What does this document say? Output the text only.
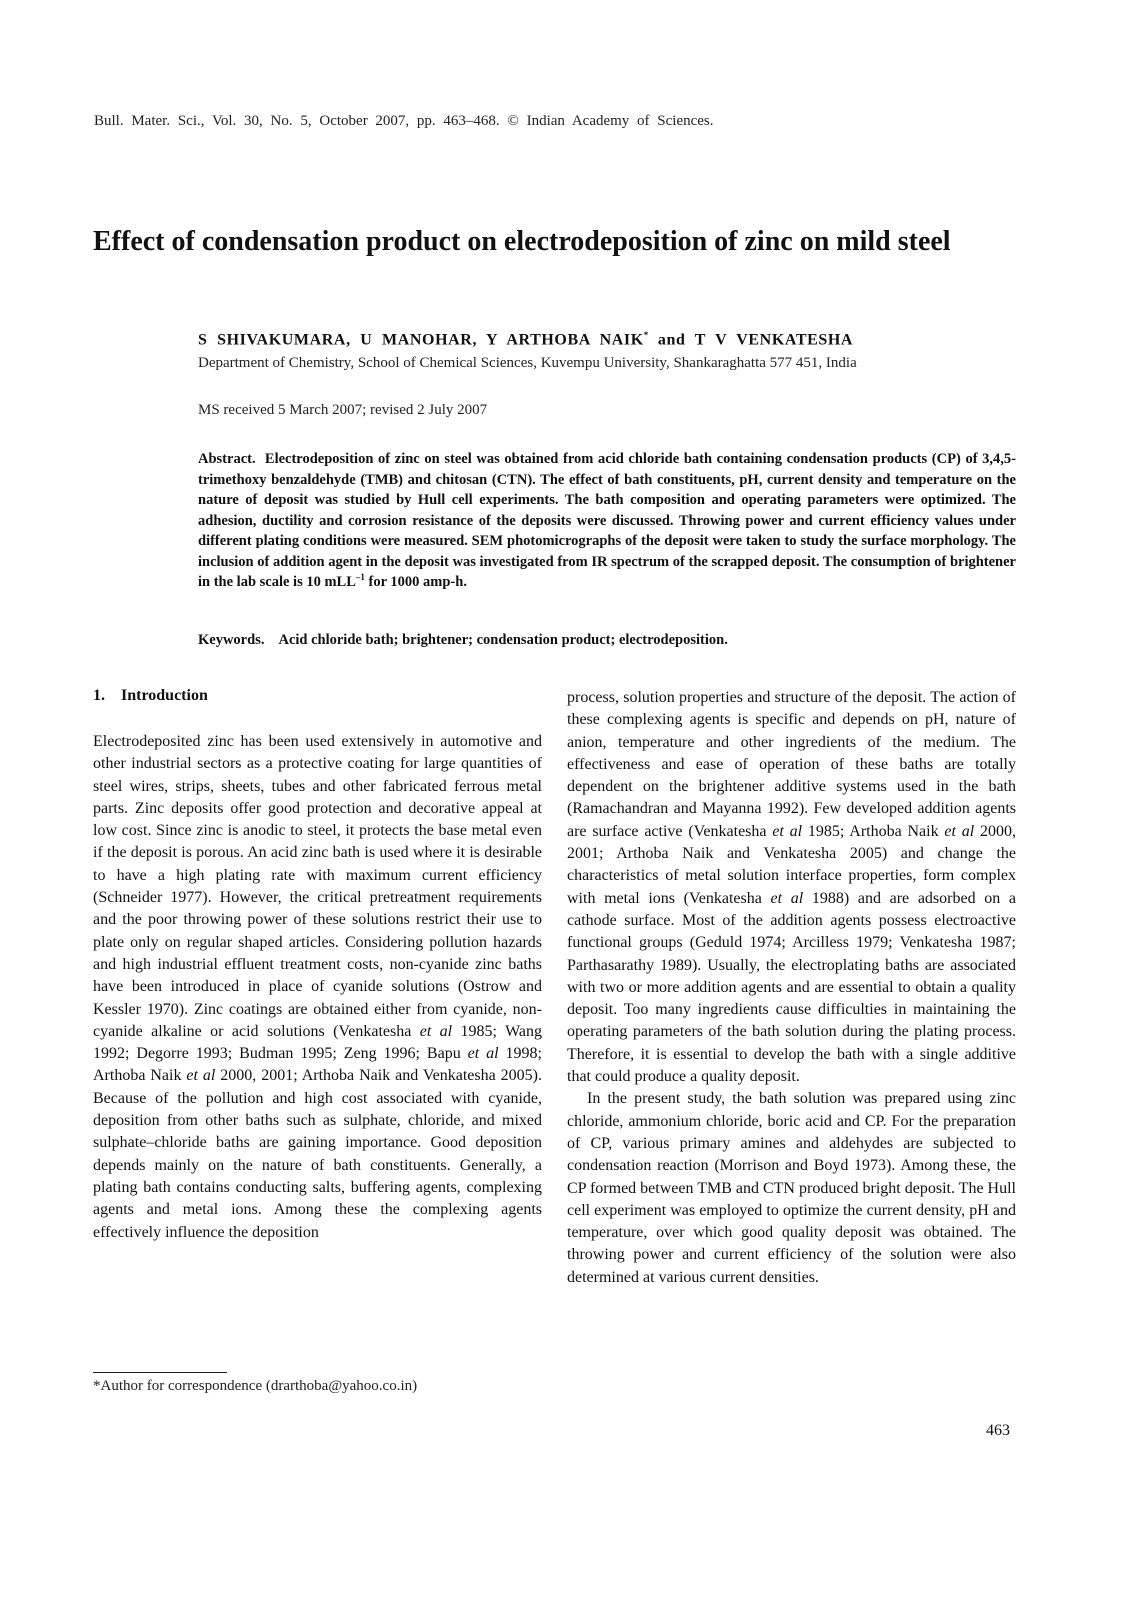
Bull. Mater. Sci., Vol. 30, No. 5, October 2007, pp. 463–468. © Indian Academy of Sciences.
Effect of condensation product on electrodeposition of zinc on mild steel
S SHIVAKUMARA, U MANOHAR, Y ARTHOBA NAIK* and T V VENKATESHA
Department of Chemistry, School of Chemical Sciences, Kuvempu University, Shankaraghatta 577 451, India
MS received 5 March 2007; revised 2 July 2007

Abstract. Electrodeposition of zinc on steel was obtained from acid chloride bath containing condensation products (CP) of 3,4,5-trimethoxy benzaldehyde (TMB) and chitosan (CTN). The effect of bath constituents, pH, current density and temperature on the nature of deposit was studied by Hull cell experiments. The bath composition and operating parameters were optimized. The adhesion, ductility and corrosion resistance of the deposits were discussed. Throwing power and current efficiency values under different plating conditions were measured. SEM photomicrographs of the deposit were taken to study the surface morphology. The inclusion of addition agent in the deposit was investigated from IR spectrum of the scrapped deposit. The consumption of brightener in the lab scale is 10 mLL$^{-1}$ for 1000 amp-h.

Keywords. Acid chloride bath; brightener; condensation product; electrodeposition.
1. Introduction

Electrodeposited zinc has been used extensively in automotive and other industrial sectors as a protective coating for large quantities of steel wires, strips, sheets, tubes and other fabricated ferrous metal parts. Zinc deposits offer good protection and decorative appeal at low cost. Since zinc is anodic to steel, it protects the base metal even if the deposit is porous. An acid zinc bath is used where it is desirable to have a high plating rate with maximum current efficiency (Schneider 1977). However, the critical pretreatment requirements and the poor throwing power of these solutions restrict their use to plate only on regular shaped articles. Considering pollution hazards and high industrial effluent treatment costs, non-cyanide zinc baths have been introduced in place of cyanide solutions (Ostrow and Kessler 1970). Zinc coatings are obtained either from cyanide, non-cyanide alkaline or acid solutions (Venkatesha et al 1985; Wang 1992; Degorre 1993; Budman 1995; Zeng 1996; Bapu et al 1998; Arthoba Naik et al 2000, 2001; Arthoba Naik and Venkatesha 2005). Because of the pollution and high cost associated with cyanide, deposition from other baths such as sulphate, chloride, and mixed sulphate–chloride baths are gaining importance. Good deposition depends mainly on the nature of bath constituents. Generally, a plating bath contains conducting salts, buffering agents, complexing agents and metal ions. Among these the complexing agents effectively influence the deposition

process, solution properties and structure of the deposit. The action of these complexing agents is specific and depends on pH, nature of anion, temperature and other ingredients of the medium. The effectiveness and ease of operation of these baths are totally dependent on the brightener additive systems used in the bath (Ramachandran and Mayanna 1992). Few developed addition agents are surface active (Venkatesha et al 1985; Arthoba Naik et al 2000, 2001; Arthoba Naik and Venkatesha 2005) and change the characteristics of metal solution interface properties, form complex with metal ions (Venkatesha et al 1988) and are adsorbed on a cathode surface. Most of the addition agents possess electroactive functional groups (Geduld 1974; Arcilless 1979; Venkatesha 1987; Parthasarathy 1989). Usually, the electroplating baths are associated with two or more addition agents and are essential to obtain a quality deposit. Too many ingredients cause difficulties in maintaining the operating parameters of the bath solution during the plating process. Therefore, it is essential to develop the bath with a single additive that could produce a quality deposit.

In the present study, the bath solution was prepared using zinc chloride, ammonium chloride, boric acid and CP. For the preparation of CP, various primary amines and aldehydes are subjected to condensation reaction (Morrison and Boyd 1973). Among these, the CP formed between TMB and CTN produced bright deposit. The Hull cell experiment was employed to optimize the current density, pH and temperature, over which good quality deposit was obtained. The throwing power and current efficiency of the solution were also determined at various current densities.

*Author for correspondence (drarthoba@yahoo.co.in)
463
